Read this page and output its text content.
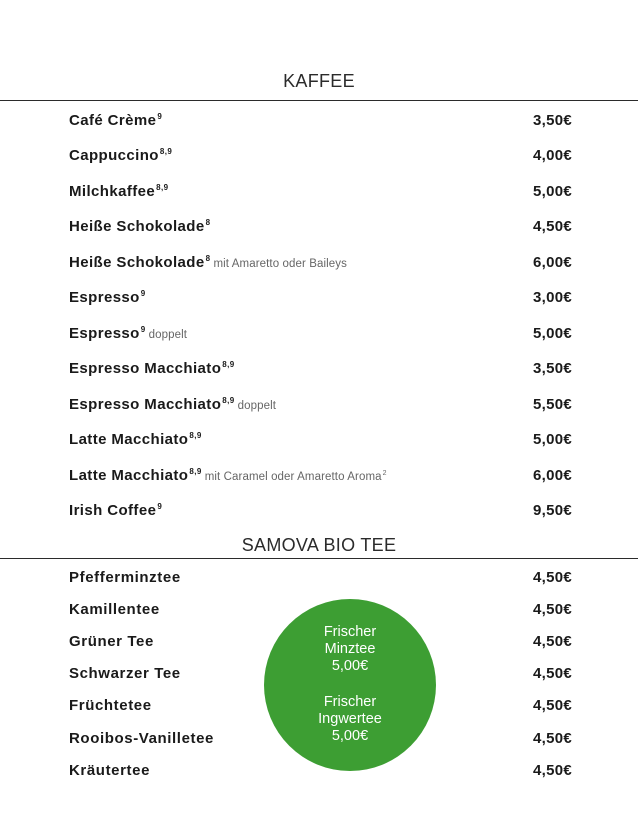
KAFFEE
Café Crème$^9$	3,50€
Cappuccino$^{8,9}$	4,00€
Milchkaffee$^{8,9}$	5,00€
Heiße Schokolade$^8$	4,50€
Heiße Schokolade$^8$ mit Amaretto oder Baileys	6,00€
Espresso$^9$	3,00€
Espresso$^9$ doppelt	5,00€
Espresso Macchiato$^{8,9}$	3,50€
Espresso Macchiato$^{8,9}$ doppelt	5,50€
Latte Macchiato$^{8,9}$	5,00€
Latte Macchiato$^{8,9}$ mit Caramel oder Amaretto Aroma$^2$	6,00€
Irish Coffee$^9$	9,50€
SAMOVA BIO TEE
Pfefferminztee	4,50€
Kamillentee	4,50€
Grüner Tee	4,50€
Schwarzer Tee	4,50€
Früchtetee	4,50€
Rooibos-Vanilletee	4,50€
Kräutertee	4,50€
Frischer
Minztee
5,00€
Frischer
Ingwertee
5,00€
